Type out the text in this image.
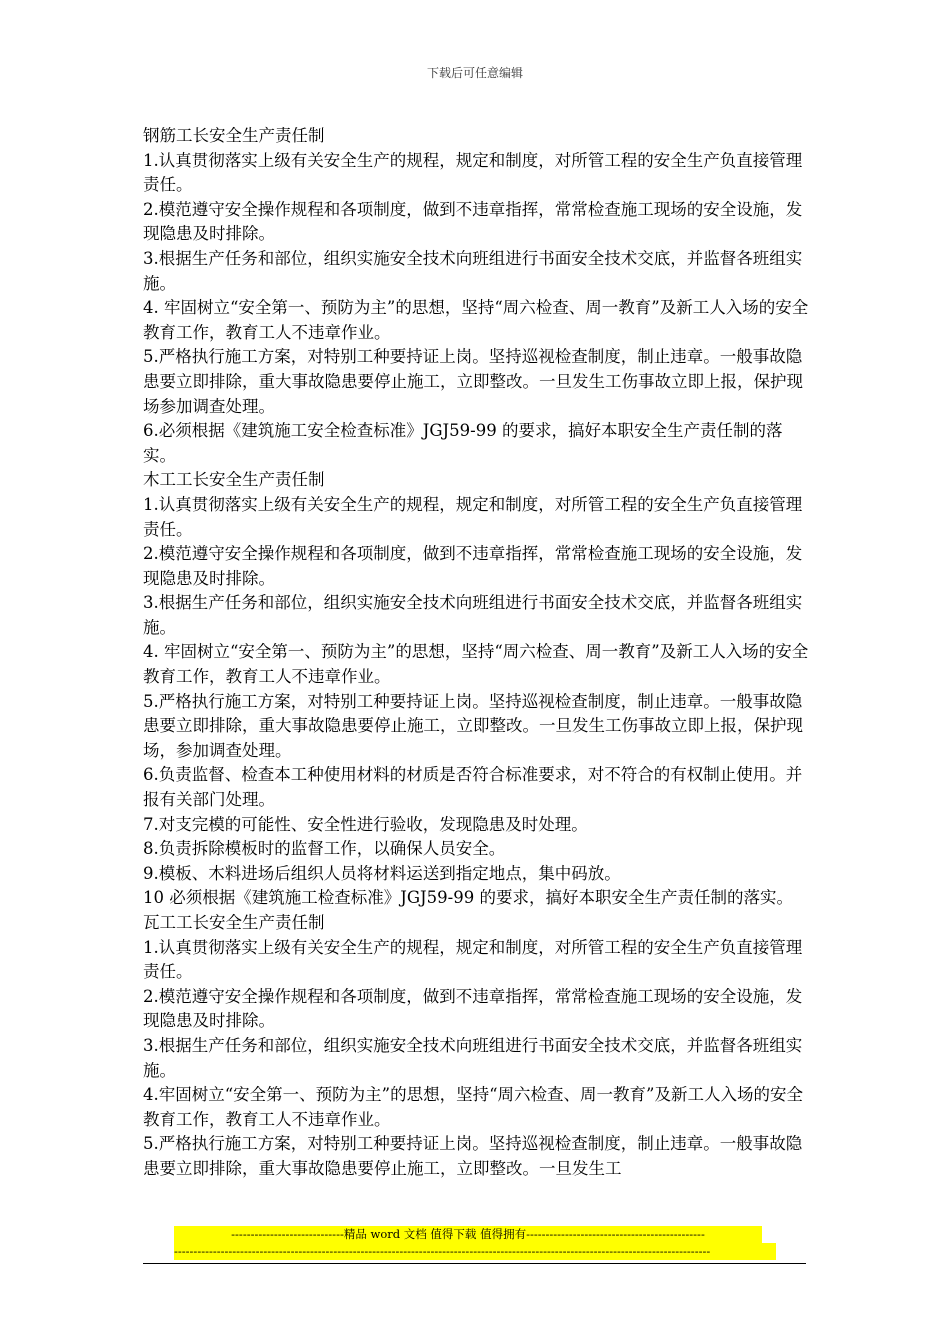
下载后可任意编辑

钢筋工长安全生产责任制

1.认真贯彻落实上级有关安全生产的规程，规定和制度，对所管工程的安全生产负直接管理责任。

2.模范遵守安全操作规程和各项制度，做到不违章指挥，常常检查施工现场的安全设施，发现隐患及时排除。

3.根据生产任务和部位，组织实施安全技术向班组进行书面安全技术交底，并监督各班组实施。

4. 牢固树立“安全第一、预防为主”的思想，坚持“周六检查、周一教育”及新工人入场的安全教育工作，教育工人不违章作业。

5.严格执行施工方案，对特别工种要持证上岗。坚持巡视检查制度，制止违章。一般事故隐患要立即排除，重大事故隐患要停止施工，立即整改。一旦发生工伤事故立即上报，保护现场参加调查处理。

6.必须根据《建筑施工安全检查标准》JGJ59-99 的要求，搞好本职安全生产责任制的落实。

木工工长安全生产责任制

1.认真贯彻落实上级有关安全生产的规程，规定和制度，对所管工程的安全生产负直接管理责任。

2.模范遵守安全操作规程和各项制度，做到不违章指挥，常常检查施工现场的安全设施，发现隐患及时排除。

3.根据生产任务和部位，组织实施安全技术向班组进行书面安全技术交底，并监督各班组实施。

4. 牢固树立“安全第一、预防为主”的思想，坚持“周六检查、周一教育”及新工人入场的安全教育工作，教育工人不违章作业。

5.严格执行施工方案，对特别工种要持证上岗。坚持巡视检查制度，制止违章。一般事故隐患要立即排除，重大事故隐患要停止施工，立即整改。一旦发生工伤事故立即上报，保护现场，参加调查处理。

6.负责监督、检查本工种使用材料的材质是否符合标准要求，对不符合的有权制止使用。并报有关部门处理。

7.对支完模的可能性、安全性进行验收，发现隐患及时处理。

8.负责拆除模板时的监督工作，以确保人员安全。

9.模板、木料进场后组织人员将材料运送到指定地点，集中码放。

10 必须根据《建筑施工检查标准》JGJ59-99 的要求，搞好本职安全生产责任制的落实。

瓦工工长安全生产责任制

1.认真贯彻落实上级有关安全生产的规程，规定和制度，对所管工程的安全生产负直接管理责任。

2.模范遵守安全操作规程和各项制度，做到不违章指挥，常常检查施工现场的安全设施，发现隐患及时排除。

3.根据生产任务和部位，组织实施安全技术向班组进行书面安全技术交底，并监督各班组实施。

4.牢固树立“安全第一、预防为主”的思想，坚持“周六检查、周一教育”及新工人入场的安全教育工作，教育工人不违章作业。

5.严格执行施工方案，对特别工种要持证上岗。坚持巡视检查制度，制止违章。一般事故隐患要立即排除，重大事故隐患要停止施工，立即整改。一旦发生工

-----------------------------精品 word 文档 值得下载 值得拥有----------------------------------------------
------------------------------------------------------------------------------------------------------------------------------------------
